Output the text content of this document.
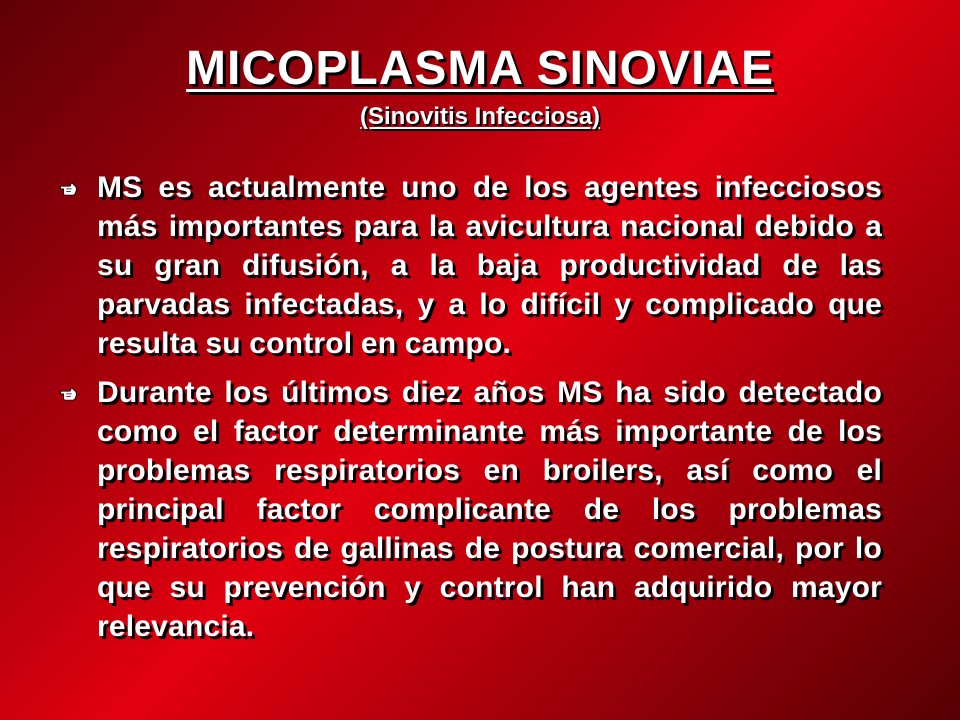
MICOPLASMA SINOVIAE
(Sinovitis Infecciosa)
MS es actualmente uno de los agentes infecciosos más importantes para la avicultura nacional debido a su gran difusión, a la baja productividad de las parvadas infectadas, y a lo difícil y complicado que resulta su control en campo.
Durante los últimos diez años MS ha sido detectado como el factor determinante más importante de los problemas respiratorios en broilers, así como el principal factor complicante de los problemas respiratorios de gallinas de postura comercial, por lo que su prevención y control han adquirido mayor relevancia.
